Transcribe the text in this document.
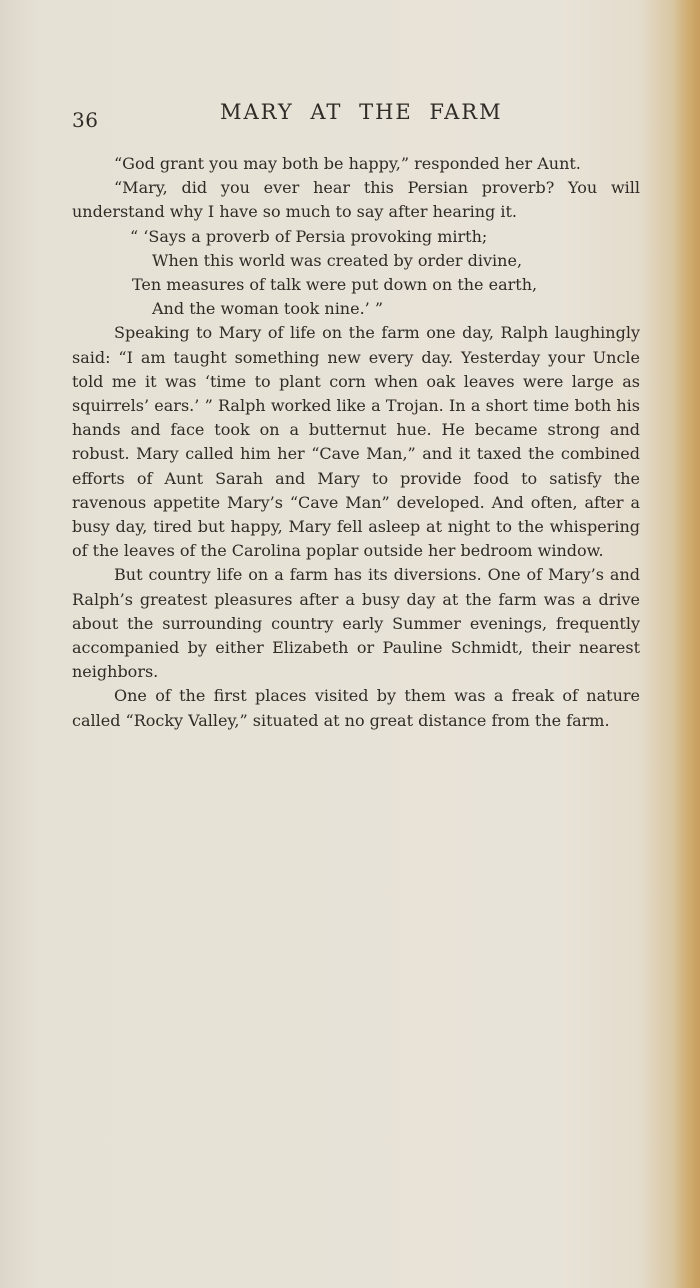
36	MARY AT THE FARM

“God grant you may both be happy,” responded her Aunt.

“Mary, did you ever hear this Persian proverb? You will understand why I have so much to say after hearing it.

“ ‘Says a proverb of Persia provoking mirth;
When this world was created by order divine,
Ten measures of talk were put down on the earth,
And the woman took nine.’ ”

Speaking to Mary of life on the farm one day, Ralph laughingly said: “I am taught something new every day. Yesterday your Uncle told me it was ‘time to plant corn when oak leaves were large as squirrels’ ears.’ ” Ralph worked like a Trojan. In a short time both his hands and face took on a butternut hue. He became strong and robust. Mary called him her “Cave Man,” and it taxed the combined efforts of Aunt Sarah and Mary to provide food to satisfy the ravenous appetite Mary’s “Cave Man” developed. And often, after a busy day, tired but happy, Mary fell asleep at night to the whispering of the leaves of the Carolina poplar outside her bedroom window.

But country life on a farm has its diversions. One of Mary’s and Ralph’s greatest pleasures after a busy day at the farm was a drive about the surrounding country early Summer evenings, frequently accompanied by either Elizabeth or Pauline Schmidt, their nearest neighbors.

One of the first places visited by them was a freak of nature called “Rocky Valley,” situated at no great distance from the farm.
